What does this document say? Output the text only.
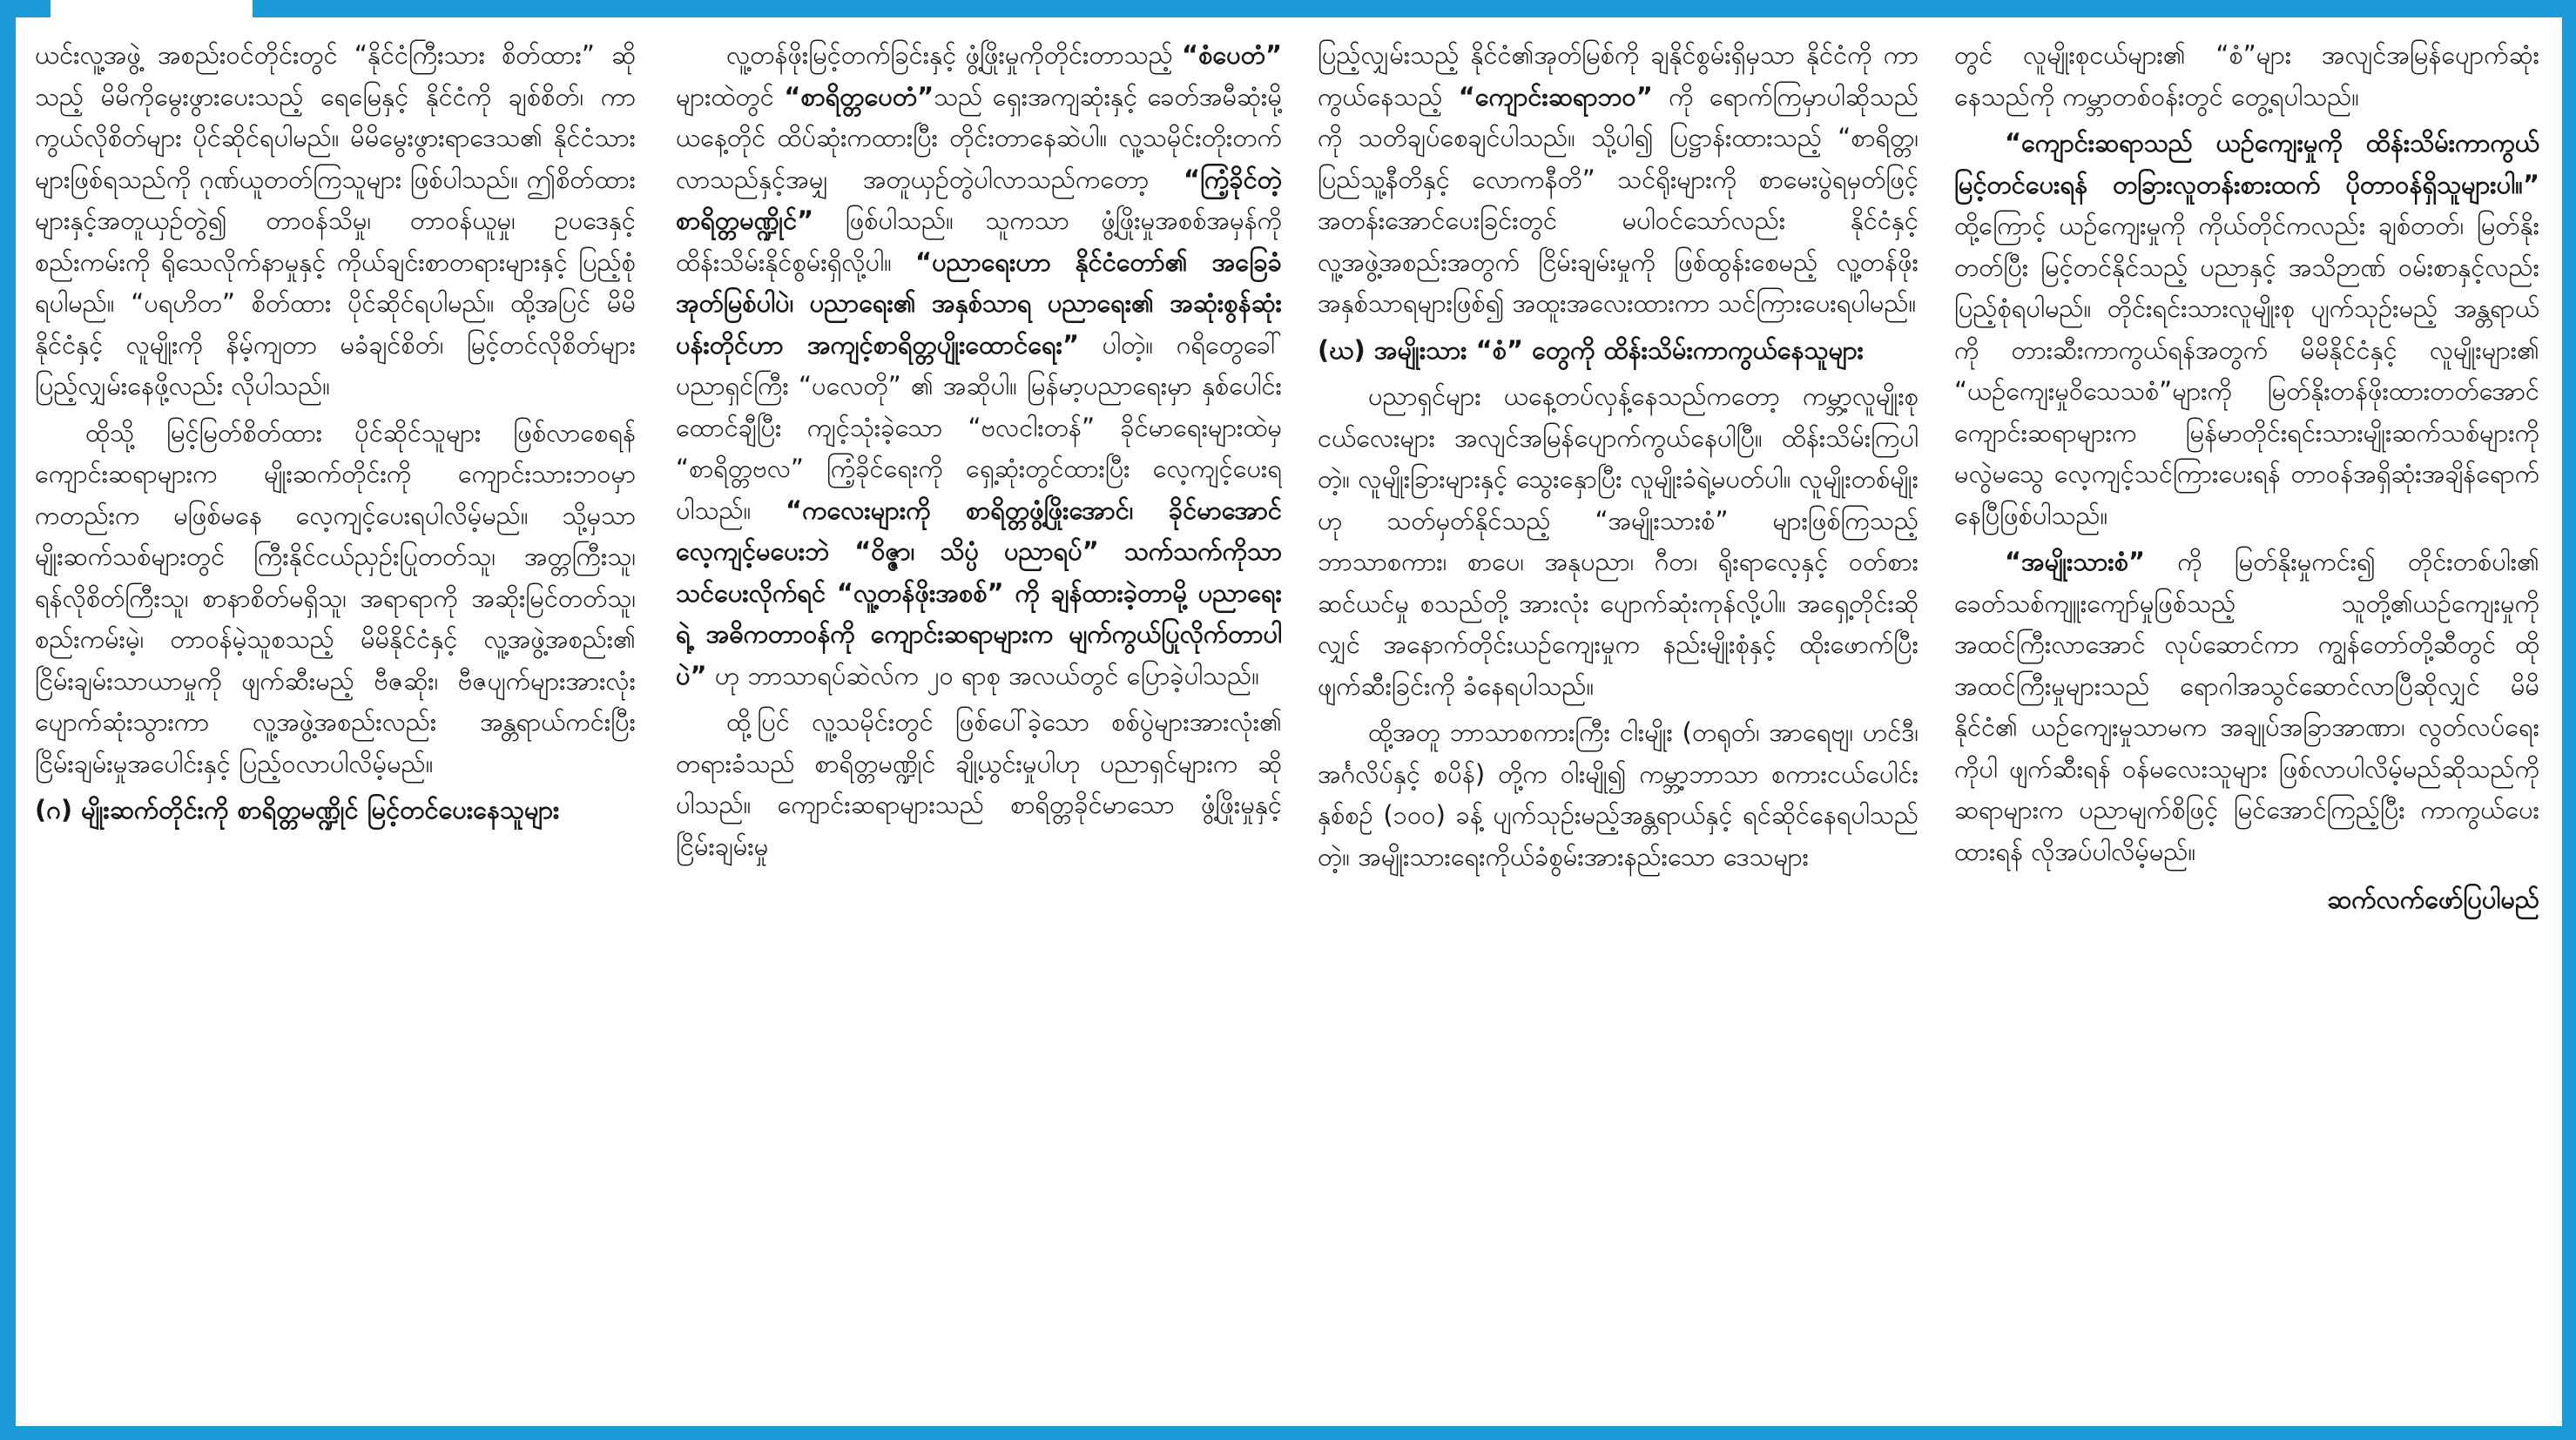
ယင်းလူ့အဖွဲ့ အစည်းဝင်တိုင်းတွင် “နိုင်ငံကြီးသား စိတ်ထား” ဆိုသည့် မိမိကိုမွေးဖွားပေးသည့် ရေမြေနှင့် နိုင်ငံကို ချစ်စိတ်၊ ကာကွယ်လိုစိတ်များ ပိုင်ဆိုင်ရပါမည်။ မိမိမွေးဖွားရာဒေသ၏ နိုင်ငံသားများဖြစ်ရသည်ကို ဂုဏ်ယူတတ်ကြသူများ ဖြစ်ပါသည်။ ဤစိတ်ထားများနှင့်အတူယှဉ်တွဲ၍ တာဝန်သိမှု၊ တာဝန်ယူမှု၊ ဥပဒေနှင့် စည်းကမ်းကို ရိုသေလိုက်နာမှုနှင့် ကိုယ်ချင်းစာတရားများနှင့် ပြည့်စုံရပါမည်။ “ပရဟိတ” စိတ်ထား ပိုင်ဆိုင်ရပါမည်။ ထို့အပြင် မိမိနိုင်ငံနှင့် လူမျိုးကို နိမ့်ကျတာ မခံချင်စိတ်၊ မြင့်တင်လိုစိတ်များ ပြည့်လျှမ်းနေဖို့လည်း လိုပါသည်။

ထိုသို့ မြင့်မြတ်စိတ်ထား ပိုင်ဆိုင်သူများ ဖြစ်လာစေရန် ကျောင်းဆရာများက မျိုးဆက်တိုင်းကို ကျောင်းသားဘဝမှာကတည်းက မဖြစ်မနေ လေ့ကျင့်ပေးရပါလိမ့်မည်။ သို့မှသာ မျိုးဆက်သစ်များတွင် ကြီးနိုင်ငယ်ညှဉ်းပြုတတ်သူ၊ အတ္တကြီးသူ၊ ရန်လိုစိတ်ကြီးသူ၊ စာနာစိတ်မရှိသူ၊ အရာရာကို အဆိုးမြင်တတ်သူ၊ စည်းကမ်းမဲ့၊ တာဝန်မဲ့သူစသည့် မိမိနိုင်ငံနှင့် လူ့အဖွဲ့အစည်း၏ ငြိမ်းချမ်းသာယာမှုကို ဖျက်ဆီးမည့် ဗီဇဆိုး၊ ဗီဇပျက်များအားလုံး ပျောက်ဆုံးသွားကာ လူ့အဖွဲ့အစည်းလည်း အန္တရာယ်ကင်းပြီး ငြိမ်းချမ်းမှုအပေါင်းနှင့် ပြည့်ဝလာပါလိမ့်မည်။

(ဂ) မျိုးဆက်တိုင်းကို စာရိတ္တမဏ္ဍိုင် မြင့်တင်ပေးနေသူများ

လူ့တန်ဖိုးမြင့်တက်ခြင်းနှင့် ဖွံ့ဖြိုးမှုကိုတိုင်းတာသည့် “စံပေတံ” များထဲတွင် “စာရိတ္တပေတံ”သည် ရှေးအကျဆုံးနှင့် ခေတ်အမီဆုံးမို့ ယနေ့တိုင် ထိပ်ဆုံးကထားပြီး တိုင်းတာနေဆဲပါ။ လူ့သမိုင်းတိုးတက်လာသည်နှင့်အမျှ အတူယှဉ်တွဲပါလာသည်ကတော့ “ကြံ့ခိုင်တဲ့စာရိတ္တမဏ္ဍိုင်” ဖြစ်ပါသည်။ သူကသာ ဖွံ့ဖြိုးမှုအစစ်အမှန်ကို ထိန်းသိမ်းနိုင်စွမ်းရှိလို့ပါ။ “ပညာရေးဟာ နိုင်ငံတော်၏ အခြေခံအုတ်မြစ်ပါပဲ၊ ပညာရေး၏ အနှစ်သာရ ပညာရေး၏ အဆုံးစွန်ဆုံးပန်းတိုင်ဟာ အကျင့်စာရိတ္တပျိုးထောင်ရေး” ပါတဲ့။ ဂရိတွေခေါ် ပညာရှင်ကြီး “ပလေတို” ၏ အဆိုပါ။ မြန်မာ့ပညာရေးမှာ နှစ်ပေါင်းထောင်ချီပြီး ကျင့်သုံးခဲ့သော “ဗလငါးတန်” ခိုင်မာရေးများထဲမှ “စာရိတ္တဗလ” ကြံ့ခိုင်ရေးကို ရှေ့ဆုံးတွင်ထားပြီး လေ့ကျင့်ပေးရပါသည်။ “ကလေးများကို စာရိတ္တဖွံ့ဖြိုးအောင်၊ ခိုင်မာအောင်လေ့ကျင့်မပေးဘဲ “ဝိဇ္ဇာ၊ သိပ္ပံ ပညာရပ်” သက်သက်ကိုသာ သင်ပေးလိုက်ရင် “လူ့တန်ဖိုးအစစ်” ကို ချန်ထားခဲ့တာမို့ ပညာရေးရဲ့ အဓိကတာဝန်ကို ကျောင်းဆရာများက မျက်ကွယ်ပြုလိုက်တာပါပဲ” ဟု ဘာသာရပ်ဆဲလ်က ၂၀ ရာစု အလယ်တွင် ပြောခဲ့ပါသည်။

ထို့ပြင် လူ့သမိုင်းတွင် ဖြစ်ပေါ်ခဲ့သော စစ်ပွဲများအားလုံး၏ တရားခံသည် စာရိတ္တမဏ္ဍိုင် ချို့ယွင်းမှုပါဟု ပညာရှင်များက ဆိုပါသည်။ ကျောင်းဆရာများသည် စာရိတ္တခိုင်မာသော ဖွံ့ဖြိုးမှုနှင့် ငြိမ်းချမ်းမှု

ပြည့်လျှမ်းသည့် နိုင်ငံ၏အုတ်မြစ်ကို ချနိုင်စွမ်းရှိမှသာ နိုင်ငံကို ကာကွယ်နေသည့် “ကျောင်းဆရာဘဝ” ကို ရောက်ကြမှာပါဆိုသည်ကို သတိချပ်စေချင်ပါသည်။ သို့ပါ၍ ပြဋ္ဌာန်းထားသည့် “စာရိတ္တ၊ ပြည်သူ့နီတိနှင့် လောကနီတိ” သင်ရိုးများကို စာမေးပွဲရမှတ်ဖြင့် အတန်းအောင်ပေးခြင်းတွင် မပါဝင်သော်လည်း နိုင်ငံနှင့် လူ့အဖွဲ့အစည်းအတွက် ငြိမ်းချမ်းမှုကို ဖြစ်ထွန်းစေမည့် လူ့တန်ဖိုးအနှစ်သာရများဖြစ်၍ အထူးအလေးထားကာ သင်ကြားပေးရပါမည်။

(ဃ) အမျိုးသား “စံ” တွေကို ထိန်းသိမ်းကာကွယ်နေသူများ

ပညာရှင်များ ယနေ့တပ်လှန့်နေသည်ကတော့ ကမ္ဘာ့လူမျိုးစုငယ်လေးများ အလျင်အမြန်ပျောက်ကွယ်နေပါပြီ။ ထိန်းသိမ်းကြပါတဲ့။ လူမျိုးခြားများနှင့် သွေးနှောပြီး လူမျိုးခံရဲ့မပတ်ပါ။ လူမျိုးတစ်မျိုးဟု သတ်မှတ်နိုင်သည့် “အမျိုးသားစံ” များဖြစ်ကြသည့် ဘာသာစကား၊ စာပေ၊ အနုပညာ၊ ဂီတ၊ ရိုးရာလေ့နှင့် ဝတ်စားဆင်ယင်မှု စသည်တို့ အားလုံး ပျောက်ဆုံးကုန်လို့ပါ။ အရှေ့တိုင်းဆိုလျှင် အနောက်တိုင်းယဉ်ကျေးမှုက နည်းမျိုးစုံနှင့် ထိုးဖောက်ပြီး ဖျက်ဆီးခြင်းကို ခံနေရပါသည်။

ထို့အတူ ဘာသာစကားကြီး ငါးမျိုး (တရုတ်၊ အာရေဗျ၊ ဟင်ဒီ၊ အင်္ဂလိပ်နှင့် စပိန်) တို့က ဝါးမျို၍ ကမ္ဘာ့ဘာသာ စကားငယ်ပေါင်း နှစ်စဉ် (၁၀၀) ခန့် ပျက်သုဉ်းမည့်အန္တရာယ်နှင့် ရင်ဆိုင်နေရပါသည်တဲ့။ အမျိုးသားရေးကိုယ်ခံစွမ်းအားနည်းသော ဒေသများ

တွင် လူမျိုးစုငယ်များ၏ “စံ”များ အလျင်အမြန်ပျောက်ဆုံးနေသည်ကို ကမ္ဘာတစ်ဝန်းတွင် တွေ့ရပါသည်။

“ကျောင်းဆရာသည် ယဉ်ကျေးမှုကို ထိန်းသိမ်းကာကွယ်မြင့်တင်ပေးရန် တခြားလူတန်းစားထက် ပိုတာဝန်ရှိသူများပါ။” ထို့ကြောင့် ယဉ်ကျေးမှုကို ကိုယ်တိုင်ကလည်း ချစ်တတ်၊ မြတ်နိုးတတ်ပြီး မြင့်တင်နိုင်သည့် ပညာနှင့် အသိဉာဏ် ဝမ်းစာနှင့်လည်း ပြည့်စုံရပါမည်။ တိုင်းရင်းသားလူမျိုးစု ပျက်သုဉ်းမည့် အန္တရာယ်ကို တားဆီးကာကွယ်ရန်အတွက် မိမိနိုင်ငံနှင့် လူမျိုးများ၏ “ယဉ်ကျေးမှုဝိသေသစံ”များကို မြတ်နိုးတန်ဖိုးထားတတ်အောင် ကျောင်းဆရာများက မြန်မာတိုင်းရင်းသားမျိုးဆက်သစ်များကို မလွဲမသွေ လေ့ကျင့်သင်ကြားပေးရန် တာဝန်အရှိဆုံးအချိန်ရောက်နေပြီဖြစ်ပါသည်။

“အမျိုးသားစံ” ကို မြတ်နိုးမှုကင်း၍ တိုင်းတစ်ပါး၏ ခေတ်သစ်ကျူးကျော်မှုဖြစ်သည့် သူတို့၏ယဉ်ကျေးမှုကို အထင်ကြီးလာအောင် လုပ်ဆောင်ကာ ကျွန်တော်တို့ဆီတွင် ထိုအထင်ကြီးမှုများသည် ရောဂါအသွင်ဆောင်လာပြီဆိုလျှင် မိမိနိုင်ငံ၏ ယဉ်ကျေးမှုသာမက အချုပ်အခြာအာဏာ၊ လွတ်လပ်ရေးကိုပါ ဖျက်ဆီးရန် ဝန်မလေးသူများ ဖြစ်လာပါလိမ့်မည်ဆိုသည်ကို ဆရာများက ပညာမျက်စိဖြင့် မြင်အောင်ကြည့်ပြီး ကာကွယ်ပေးထားရန် လိုအပ်ပါလိမ့်မည်။

ဆက်လက်ဖော်ပြပါမည်
